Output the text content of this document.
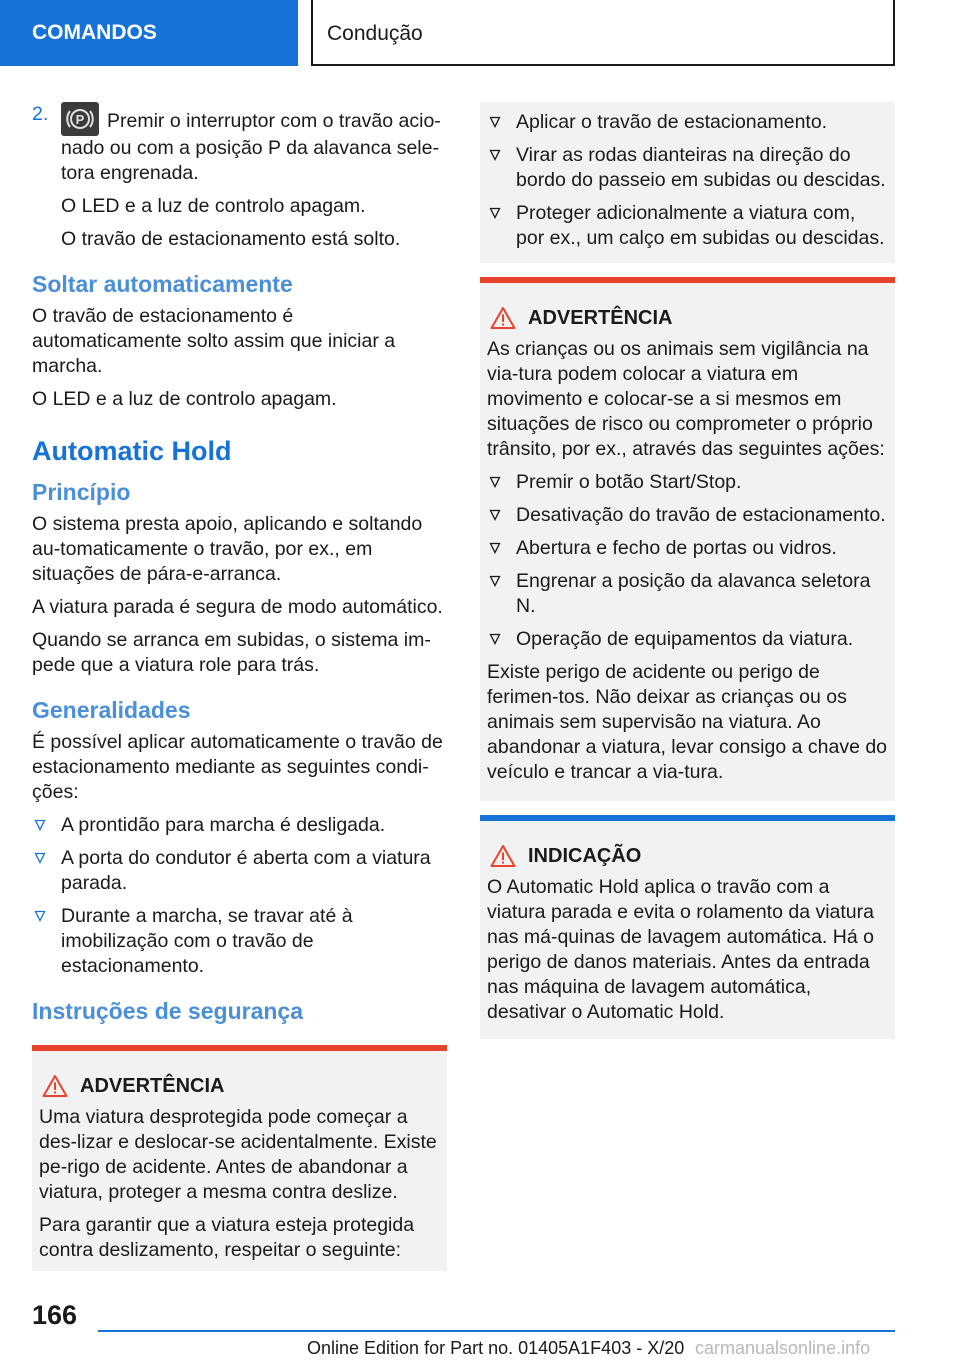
COMANDOS	Condução

2. P Premir o interruptor com o travão acio-nado ou com a posição P da alavanca sele-tora engrenada.

O LED e a luz de controlo apagam.

O travão de estacionamento está solto.

Soltar automaticamente

O travão de estacionamento é automaticamente solto assim que iniciar a marcha.

O LED e a luz de controlo apagam.

Automatic Hold
Princípio

O sistema presta apoio, aplicando e soltando au-tomaticamente o travão, por ex., em situações de pára-e-arranca.

A viatura parada é segura de modo automático.

Quando se arranca em subidas, o sistema im-pede que a viatura role para trás.

Generalidades

É possível aplicar automaticamente o travão de estacionamento mediante as seguintes condi-ções:

A prontidão para marcha é desligada.
A porta do condutor é aberta com a viatura parada.
Durante a marcha, se travar até à imobilização com o travão de estacionamento.
Instruções de segurança
ADVERTÊNCIA

Uma viatura desprotegida pode começar a des-lizar e deslocar-se acidentalmente. Existe pe-rigo de acidente. Antes de abandonar a viatura, proteger a mesma contra deslize.

Para garantir que a viatura esteja protegida contra deslizamento, respeitar o seguinte:

Aplicar o travão de estacionamento.
Virar as rodas dianteiras na direção do bordo do passeio em subidas ou descidas.
Proteger adicionalmente a viatura com, por ex., um calço em subidas ou descidas.
ADVERTÊNCIA

As crianças ou os animais sem vigilância na via-tura podem colocar a viatura em movimento e colocar-se a si mesmos em situações de risco ou comprometer o próprio trânsito, por ex., através das seguintes ações:

Premir o botão Start/Stop.
Desativação do travão de estacionamento.
Abertura e fecho de portas ou vidros.
Engrenar a posição da alavanca seletora N.
Operação de equipamentos da viatura.

Existe perigo de acidente ou perigo de ferimen-tos. Não deixar as crianças ou os animais sem supervisão na viatura. Ao abandonar a viatura, levar consigo a chave do veículo e trancar a via-tura.

INDICAÇÃO

O Automatic Hold aplica o travão com a viatura parada e evita o rolamento da viatura nas má-quinas de lavagem automática. Há o perigo de danos materiais. Antes da entrada nas máquina de lavagem automática, desativar o Automatic Hold.

166
Online Edition for Part no. 01405A1F403 - X/20 carmanualsonline.info
